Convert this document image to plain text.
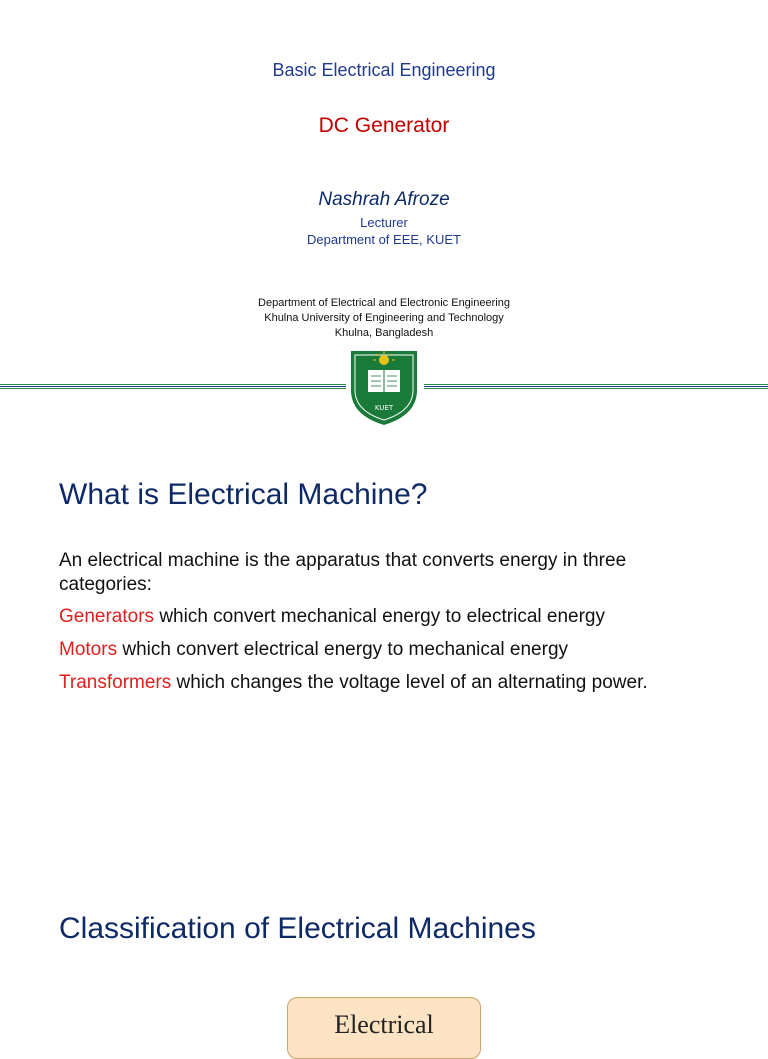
Basic Electrical Engineering
DC Generator
Nashrah Afroze
Lecturer
Department of EEE, KUET
Department of Electrical and Electronic Engineering
Khulna University of Engineering and Technology
Khulna, Bangladesh
KUET
What is Electrical Machine?
An electrical machine is the apparatus that converts energy in three categories:
Generators which convert mechanical energy to electrical energy
Motors which convert electrical energy to mechanical energy
Transformers which changes the voltage level of an alternating power.
Classification of Electrical Machines
Electrical
